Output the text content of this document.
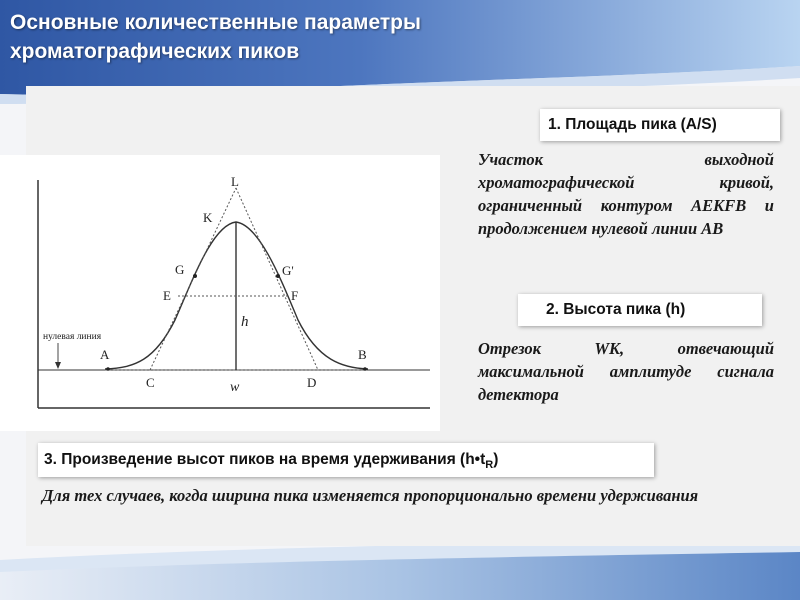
Основные количественные параметры
хроматографических пиков
нулевая линия
L
K
G	G'
E	F
A	B
C	D
h
w
1. Площадь пика (A/S)

Участок выходной хроматографической кривой, ограниченный контуром AEKFB и продолжением нулевой линии AB

2. Высота пика (h)

Отрезок WK, отвечающий максимальной амплитуде сигнала детектора

3. Произведение высот пиков на время удерживания $(h•t_R)$

Для тех случаев, когда ширина пика изменяется пропорционально времени удерживания
